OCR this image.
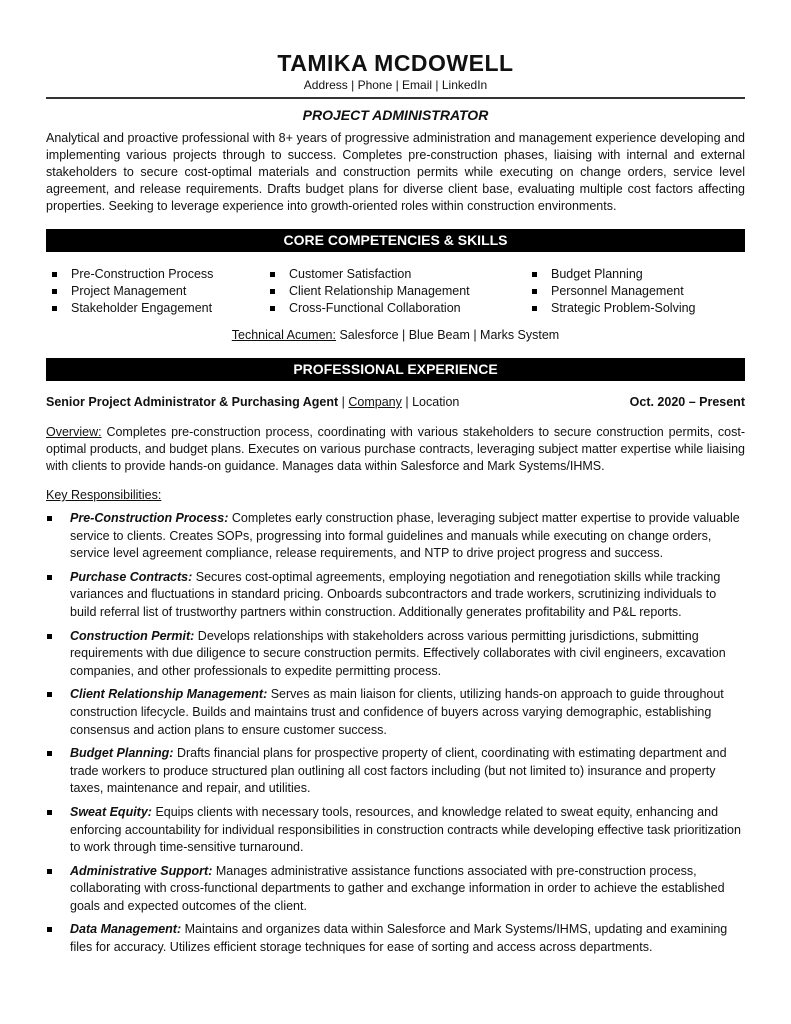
TAMIKA MCDOWELL
Address | Phone | Email | LinkedIn
PROJECT ADMINISTRATOR
Analytical and proactive professional with 8+ years of progressive administration and management experience developing and implementing various projects through to success. Completes pre-construction phases, liaising with internal and external stakeholders to secure cost-optimal materials and construction permits while executing on change orders, service level agreement, and release requirements. Drafts budget plans for diverse client base, evaluating multiple cost factors affecting properties. Seeking to leverage experience into growth-oriented roles within construction environments.
CORE COMPETENCIES & SKILLS
Pre-Construction Process
Project Management
Stakeholder Engagement
Customer Satisfaction
Client Relationship Management
Cross-Functional Collaboration
Budget Planning
Personnel Management
Strategic Problem-Solving
Technical Acumen: Salesforce | Blue Beam | Marks System
PROFESSIONAL EXPERIENCE
Senior Project Administrator & Purchasing Agent | Company | Location	Oct. 2020 – Present
Overview: Completes pre-construction process, coordinating with various stakeholders to secure construction permits, cost-optimal products, and budget plans. Executes on various purchase contracts, leveraging subject matter expertise while liaising with clients to provide hands-on guidance. Manages data within Salesforce and Mark Systems/IHMS.
Key Responsibilities:
Pre-Construction Process: Completes early construction phase, leveraging subject matter expertise to provide valuable service to clients. Creates SOPs, progressing into formal guidelines and manuals while executing on change orders, service level agreement compliance, release requirements, and NTP to drive project progress and success.
Purchase Contracts: Secures cost-optimal agreements, employing negotiation and renegotiation skills while tracking variances and fluctuations in standard pricing. Onboards subcontractors and trade workers, scrutinizing individuals to build referral list of trustworthy partners within construction. Additionally generates profitability and P&L reports.
Construction Permit: Develops relationships with stakeholders across various permitting jurisdictions, submitting requirements with due diligence to secure construction permits. Effectively collaborates with civil engineers, excavation companies, and other professionals to expedite permitting process.
Client Relationship Management: Serves as main liaison for clients, utilizing hands-on approach to guide throughout construction lifecycle. Builds and maintains trust and confidence of buyers across varying demographic, establishing consensus and action plans to ensure customer success.
Budget Planning: Drafts financial plans for prospective property of client, coordinating with estimating department and trade workers to produce structured plan outlining all cost factors including (but not limited to) insurance and property taxes, maintenance and repair, and utilities.
Sweat Equity: Equips clients with necessary tools, resources, and knowledge related to sweat equity, enhancing and enforcing accountability for individual responsibilities in construction contracts while developing effective task prioritization to work through time-sensitive turnaround.
Administrative Support: Manages administrative assistance functions associated with pre-construction process, collaborating with cross-functional departments to gather and exchange information in order to achieve the established goals and expected outcomes of the client.
Data Management: Maintains and organizes data within Salesforce and Mark Systems/IHMS, updating and examining files for accuracy. Utilizes efficient storage techniques for ease of sorting and access across departments.
